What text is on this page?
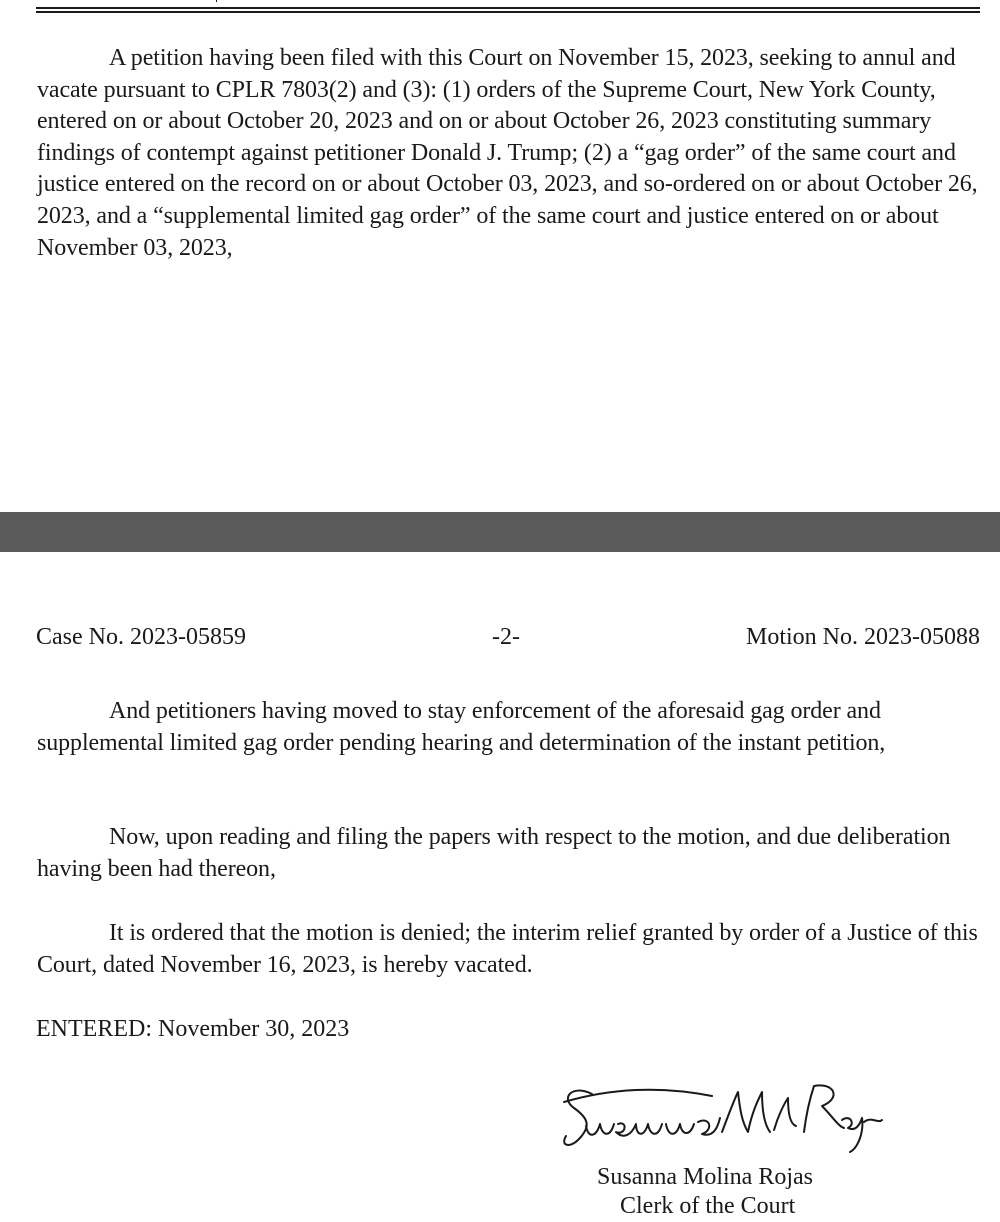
A petition having been filed with this Court on November 15, 2023, seeking to annul and vacate pursuant to CPLR 7803(2) and (3): (1) orders of the Supreme Court, New York County, entered on or about October 20, 2023 and on or about October 26, 2023 constituting summary findings of contempt against petitioner Donald J. Trump; (2) a “gag order” of the same court and justice entered on the record on or about October 03, 2023, and so-ordered on or about October 26, 2023, and a “supplemental limited gag order” of the same court and justice entered on or about November 03, 2023,

Case No. 2023-05859	-2-	Motion No. 2023-05088

And petitioners having moved to stay enforcement of the aforesaid gag order and supplemental limited gag order pending hearing and determination of the instant petition,

Now, upon reading and filing the papers with respect to the motion, and due deliberation having been had thereon,

It is ordered that the motion is denied; the interim relief granted by order of a Justice of this Court, dated November 16, 2023, is hereby vacated.

ENTERED: November 30, 2023
Susanna Molina Rojas
Clerk of the Court
